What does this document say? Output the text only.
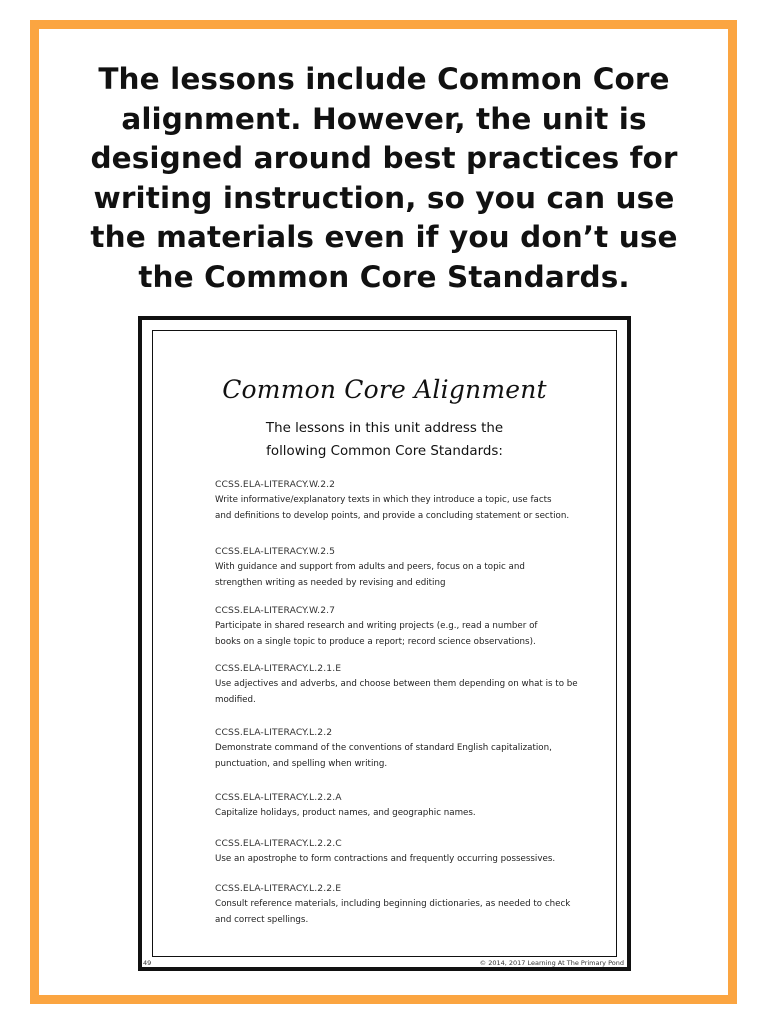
The lessons include Common Core
alignment. However, the unit is
designed around best practices for
writing instruction, so you can use
the materials even if you don’t use
the Common Core Standards.
Common Core Alignment
The lessons in this unit address the
following Common Core Standards:
CCSS.ELA-LITERACY.W.2.2
Write informative/explanatory texts in which they introduce a topic, use facts
and definitions to develop points, and provide a concluding statement or section.
CCSS.ELA-LITERACY.W.2.5
With guidance and support from adults and peers, focus on a topic and
strengthen writing as needed by revising and editing
CCSS.ELA-LITERACY.W.2.7
Participate in shared research and writing projects (e.g., read a number of
books on a single topic to produce a report; record science observations).
CCSS.ELA-LITERACY.L.2.1.E
Use adjectives and adverbs, and choose between them depending on what is to be
modified.
CCSS.ELA-LITERACY.L.2.2
Demonstrate command of the conventions of standard English capitalization,
punctuation, and spelling when writing.
CCSS.ELA-LITERACY.L.2.2.A
Capitalize holidays, product names, and geographic names.
CCSS.ELA-LITERACY.L.2.2.C
Use an apostrophe to form contractions and frequently occurring possessives.
CCSS.ELA-LITERACY.L.2.2.E
Consult reference materials, including beginning dictionaries, as needed to check
and correct spellings.
49	© 2014, 2017 Learning At The Primary Pond
